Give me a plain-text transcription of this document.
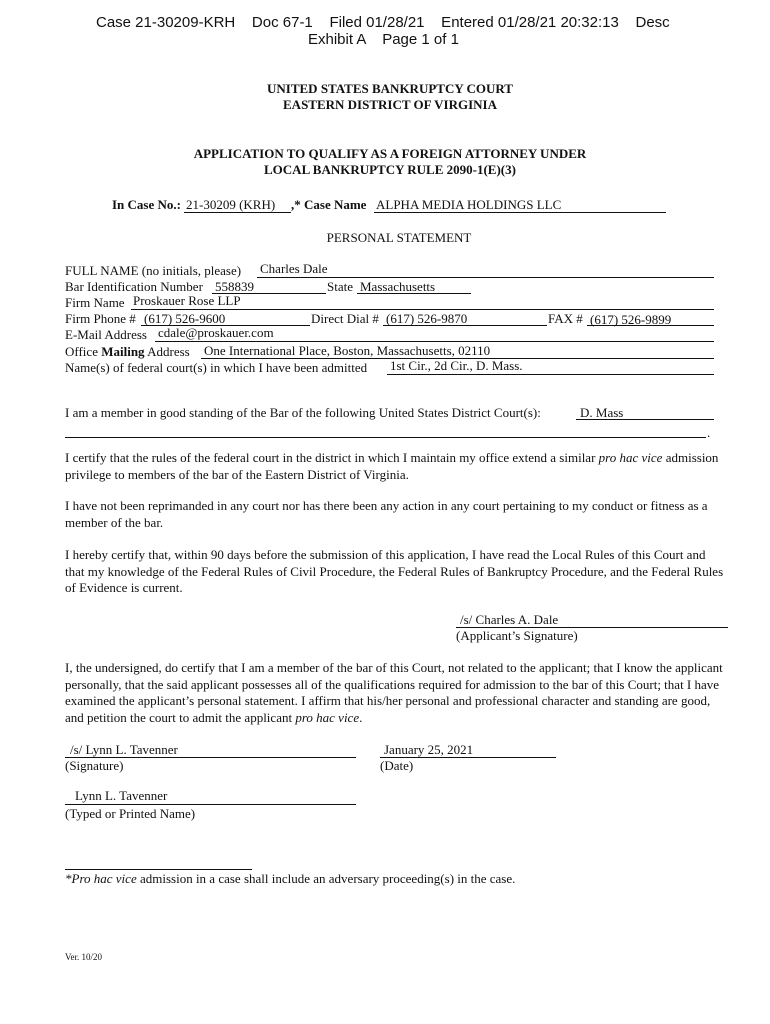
Case 21-30209-KRH    Doc 67-1    Filed 01/28/21    Entered 01/28/21 20:32:13    Desc
Exhibit A    Page 1 of 1
UNITED STATES BANKRUPTCY COURT
EASTERN DISTRICT OF VIRGINIA
APPLICATION TO QUALIFY AS A FOREIGN ATTORNEY UNDER
LOCAL BANKRUPTCY RULE 2090-1(E)(3)
In Case No.: 21-30209 (KRH) ,* Case Name ALPHA MEDIA HOLDINGS LLC
PERSONAL STATEMENT
FULL NAME (no initials, please) Charles Dale
Bar Identification Number 558839	State Massachusetts
Firm Name Proskauer Rose LLP
Firm Phone # (617) 526-9600	Direct Dial # (617) 526-9870	FAX # (617) 526-9899
E-Mail Address cdale@proskauer.com
Office Mailing Address One International Place, Boston, Massachusetts, 02110
Name(s) of federal court(s) in which I have been admitted 1st Cir., 2d Cir., D. Mass.
I am a member in good standing of the Bar of the following United States District Court(s):	D. Mass
.
I certify that the rules of the federal court in the district in which I maintain my office extend a similar pro hac vice admission privilege to members of the bar of the Eastern District of Virginia.
I have not been reprimanded in any court nor has there been any action in any court pertaining to my conduct or fitness as a member of the bar.
I hereby certify that, within 90 days before the submission of this application, I have read the Local Rules of this Court and that my knowledge of the Federal Rules of Civil Procedure, the Federal Rules of Bankruptcy Procedure, and the Federal Rules of Evidence is current.
/s/ Charles A. Dale
(Applicant’s Signature)
I, the undersigned, do certify that I am a member of the bar of this Court, not related to the applicant; that I know the applicant personally, that the said applicant possesses all of the qualifications required for admission to the bar of this Court; that I have examined the applicant’s personal statement. I affirm that his/her personal and professional character and standing are good, and petition the court to admit the applicant pro hac vice.
/s/ Lynn L. Tavenner
(Signature)
January 25, 2021
(Date)
Lynn L. Tavenner
(Typed or Printed Name)
*Pro hac vice admission in a case shall include an adversary proceeding(s) in the case.
Ver. 10/20
